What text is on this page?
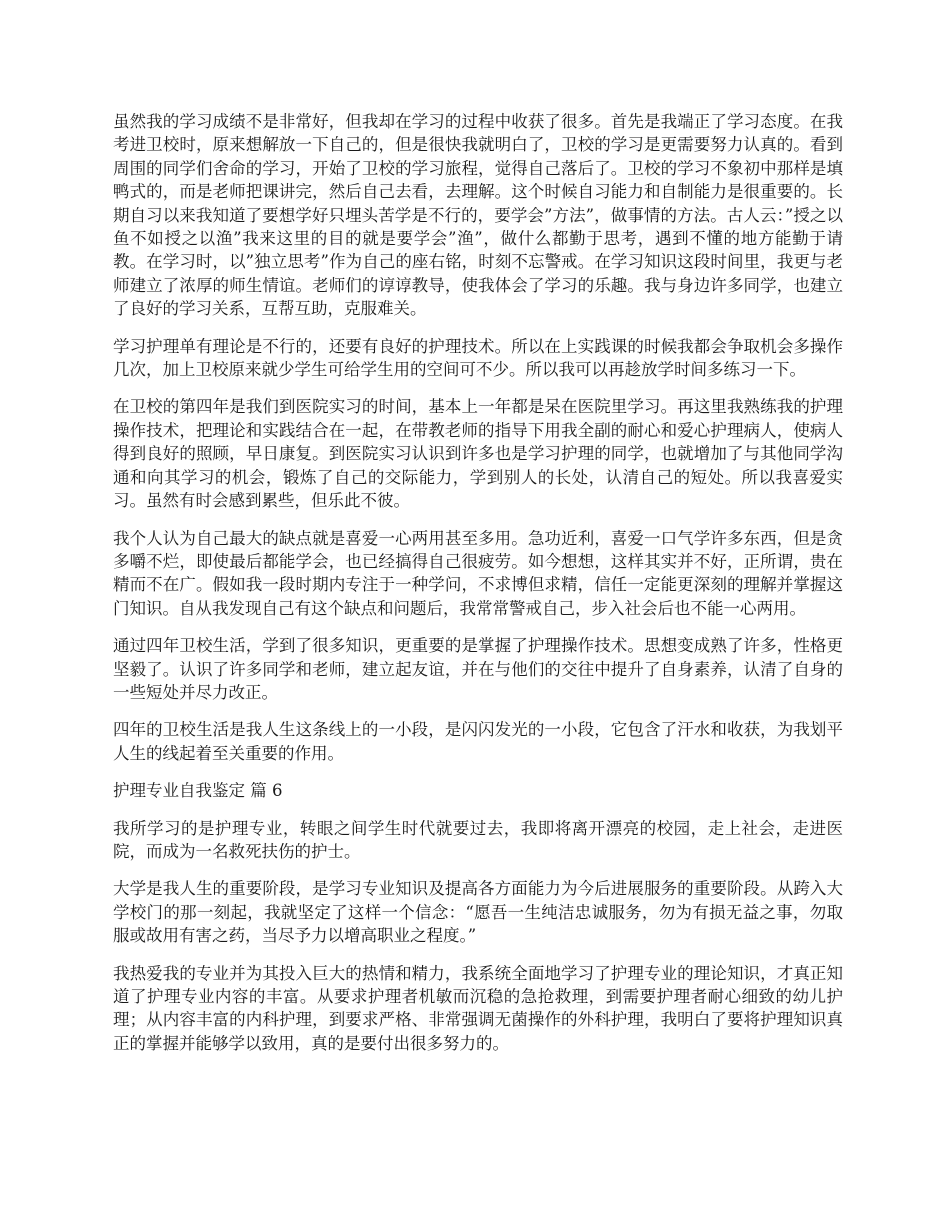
虽然我的学习成绩不是非常好，但我却在学习的过程中收获了很多。首先是我端正了学习态度。在我考进卫校时，原来想解放一下自己的，但是很快我就明白了，卫校的学习是更需要努力认真的。看到周围的同学们舍命的学习，开始了卫校的学习旅程，觉得自己落后了。卫校的学习不象初中那样是填鸭式的，而是老师把课讲完，然后自己去看，去理解。这个时候自习能力和自制能力是很重要的。长期自习以来我知道了要想学好只埋头苦学是不行的，要学会”方法”，做事情的方法。古人云：”授之以鱼不如授之以渔”我来这里的目的就是要学会”渔”，做什么都勤于思考，遇到不懂的地方能勤于请教。在学习时，以”独立思考”作为自己的座右铭，时刻不忘警戒。在学习知识这段时间里，我更与老师建立了浓厚的师生情谊。老师们的谆谆教导，使我体会了学习的乐趣。我与身边许多同学，也建立了良好的学习关系，互帮互助，克服难关。

学习护理单有理论是不行的，还要有良好的护理技术。所以在上实践课的时候我都会争取机会多操作几次，加上卫校原来就少学生可给学生用的空间可不少。所以我可以再趁放学时间多练习一下。

在卫校的第四年是我们到医院实习的时间，基本上一年都是呆在医院里学习。再这里我熟练我的护理操作技术，把理论和实践结合在一起，在带教老师的指导下用我全副的耐心和爱心护理病人，使病人得到良好的照顾，早日康复。到医院实习认识到许多也是学习护理的同学，也就增加了与其他同学沟通和向其学习的机会，锻炼了自己的交际能力，学到别人的长处，认清自己的短处。所以我喜爱实习。虽然有时会感到累些，但乐此不彼。

我个人认为自己最大的缺点就是喜爱一心两用甚至多用。急功近利，喜爱一口气学许多东西，但是贪多嚼不烂，即使最后都能学会，也已经搞得自己很疲劳。如今想想，这样其实并不好，正所谓，贵在精而不在广。假如我一段时期内专注于一种学问，不求博但求精，信任一定能更深刻的理解并掌握这门知识。自从我发现自己有这个缺点和问题后，我常常警戒自己，步入社会后也不能一心两用。

通过四年卫校生活，学到了很多知识，更重要的是掌握了护理操作技术。思想变成熟了许多，性格更坚毅了。认识了许多同学和老师，建立起友谊，并在与他们的交往中提升了自身素养，认清了自身的一些短处并尽力改正。

四年的卫校生活是我人生这条线上的一小段，是闪闪发光的一小段，它包含了汗水和收获，为我划平人生的线起着至关重要的作用。

护理专业自我鉴定 篇 6

我所学习的是护理专业，转眼之间学生时代就要过去，我即将离开漂亮的校园，走上社会，走进医院，而成为一名救死扶伤的护士。

大学是我人生的重要阶段，是学习专业知识及提高各方面能力为今后进展服务的重要阶段。从跨入大学校门的那一刻起，我就坚定了这样一个信念：“愿吾一生纯洁忠诚服务，勿为有损无益之事，勿取服或故用有害之药，当尽予力以增高职业之程度。”

我热爱我的专业并为其投入巨大的热情和精力，我系统全面地学习了护理专业的理论知识，才真正知道了护理专业内容的丰富。从要求护理者机敏而沉稳的急抢救理，到需要护理者耐心细致的幼儿护理；从内容丰富的内科护理，到要求严格、非常强调无菌操作的外科护理，我明白了要将护理知识真正的掌握并能够学以致用，真的是要付出很多努力的。
